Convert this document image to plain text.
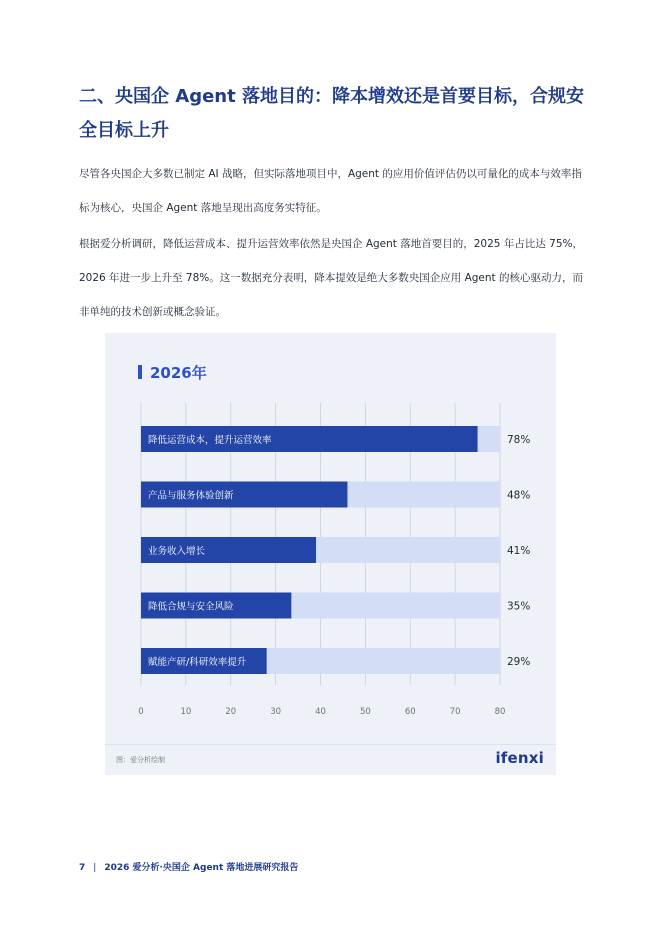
二、央国企 Agent 落地目的：降本增效还是首要目标，合规安全目标上升

尽管各央国企大多数已制定 AI 战略，但实际落地项目中，Agent 的应用价值评估仍以可量化的成本与效率指标为核心，央国企 Agent 落地呈现出高度务实特征。

根据爱分析调研，降低运营成本、提升运营效率依然是央国企 Agent 落地首要目的，2025 年占比达 75%，2026 年进一步上升至 78%。这一数据充分表明，降本提效是绝大多数央国企应用 Agent 的核心驱动力，而非单纯的技术创新或概念验证。

2026年
0	10	20	30	40	50	60	70	80
降低运营成本，提升运营效率	78%
产品与服务体验创新	48%
业务收入增长	41%
降低合规与安全风险	35%
赋能产研/科研效率提升	29%
图：爱分析绘制	ifenxi
7 | 2026 爱分析·央国企 Agent 落地进展研究报告
